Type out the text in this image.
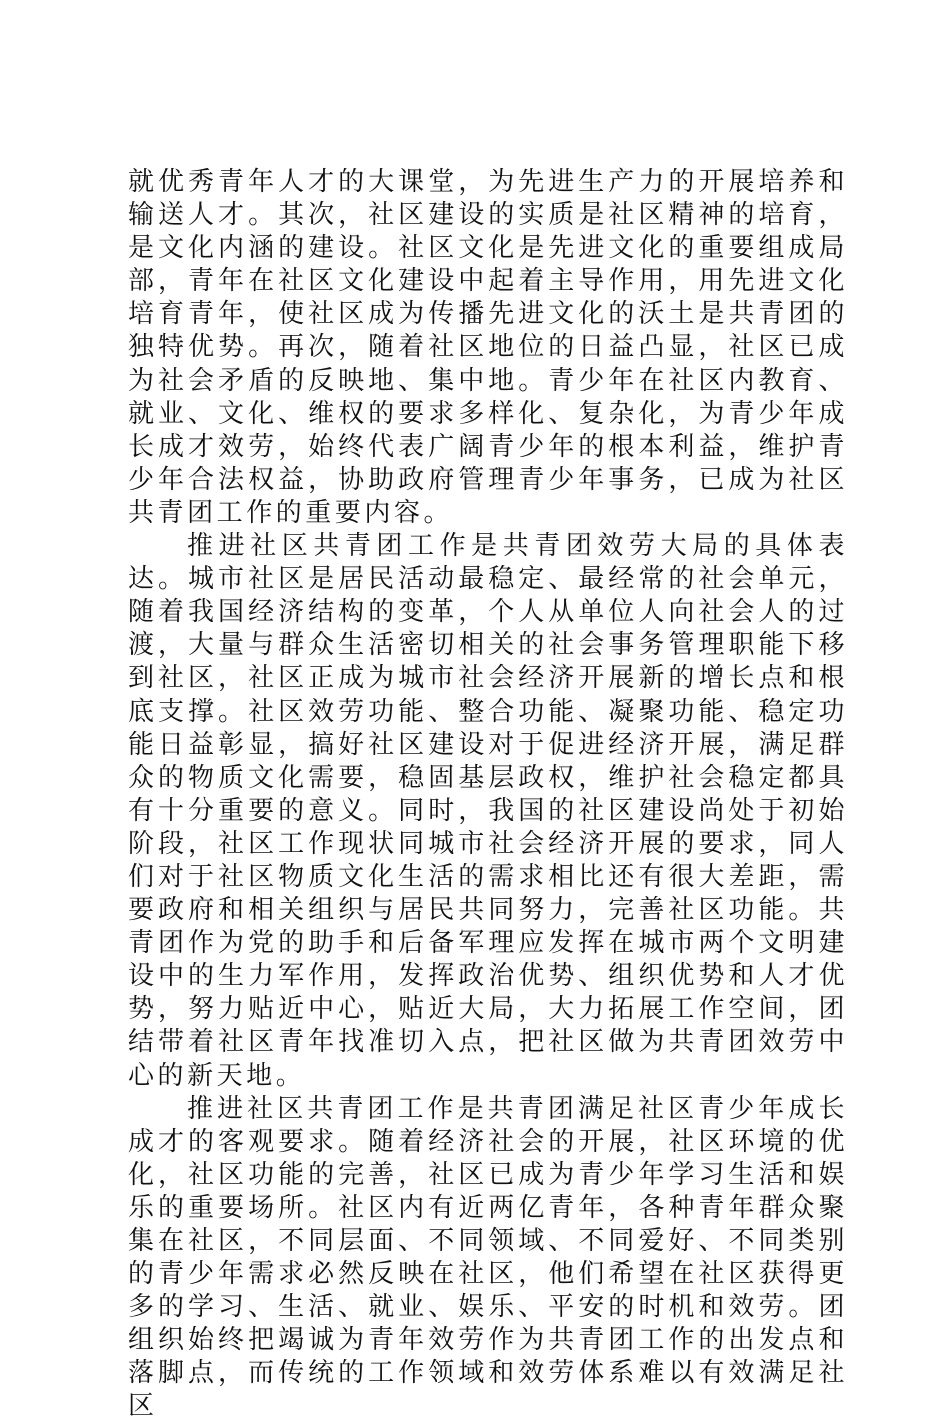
就优秀青年人才的大课堂，为先进生产力的开展培养和输送人才。其次，社区建设的实质是社区精神的培育，是文化内涵的建设。社区文化是先进文化的重要组成局部，青年在社区文化建设中起着主导作用，用先进文化培育青年，使社区成为传播先进文化的沃土是共青团的独特优势。再次，随着社区地位的日益凸显，社区已成为社会矛盾的反映地、集中地。青少年在社区内教育、就业、文化、维权的要求多样化、复杂化，为青少年成长成才效劳，始终代表广阔青少年的根本利益，维护青少年合法权益，协助政府管理青少年事务，已成为社区共青团工作的重要内容。

推进社区共青团工作是共青团效劳大局的具体表达。城市社区是居民活动最稳定、最经常的社会单元，随着我国经济结构的变革，个人从单位人向社会人的过渡，大量与群众生活密切相关的社会事务管理职能下移到社区，社区正成为城市社会经济开展新的增长点和根底支撑。社区效劳功能、整合功能、凝聚功能、稳定功能日益彰显，搞好社区建设对于促进经济开展，满足群众的物质文化需要，稳固基层政权，维护社会稳定都具有十分重要的意义。同时，我国的社区建设尚处于初始阶段，社区工作现状同城市社会经济开展的要求，同人们对于社区物质文化生活的需求相比还有很大差距，需要政府和相关组织与居民共同努力，完善社区功能。共青团作为党的助手和后备军理应发挥在城市两个文明建设中的生力军作用，发挥政治优势、组织优势和人才优势，努力贴近中心，贴近大局，大力拓展工作空间，团结带着社区青年找准切入点，把社区做为共青团效劳中心的新天地。

推进社区共青团工作是共青团满足社区青少年成长成才的客观要求。随着经济社会的开展，社区环境的优化，社区功能的完善，社区已成为青少年学习生活和娱乐的重要场所。社区内有近两亿青年，各种青年群众聚集在社区，不同层面、不同领域、不同爱好、不同类别的青少年需求必然反映在社区，他们希望在社区获得更多的学习、生活、就业、娱乐、平安的时机和效劳。团组织始终把竭诚为青年效劳作为共青团工作的出发点和落脚点，而传统的工作领域和效劳体系难以有效满足社区
